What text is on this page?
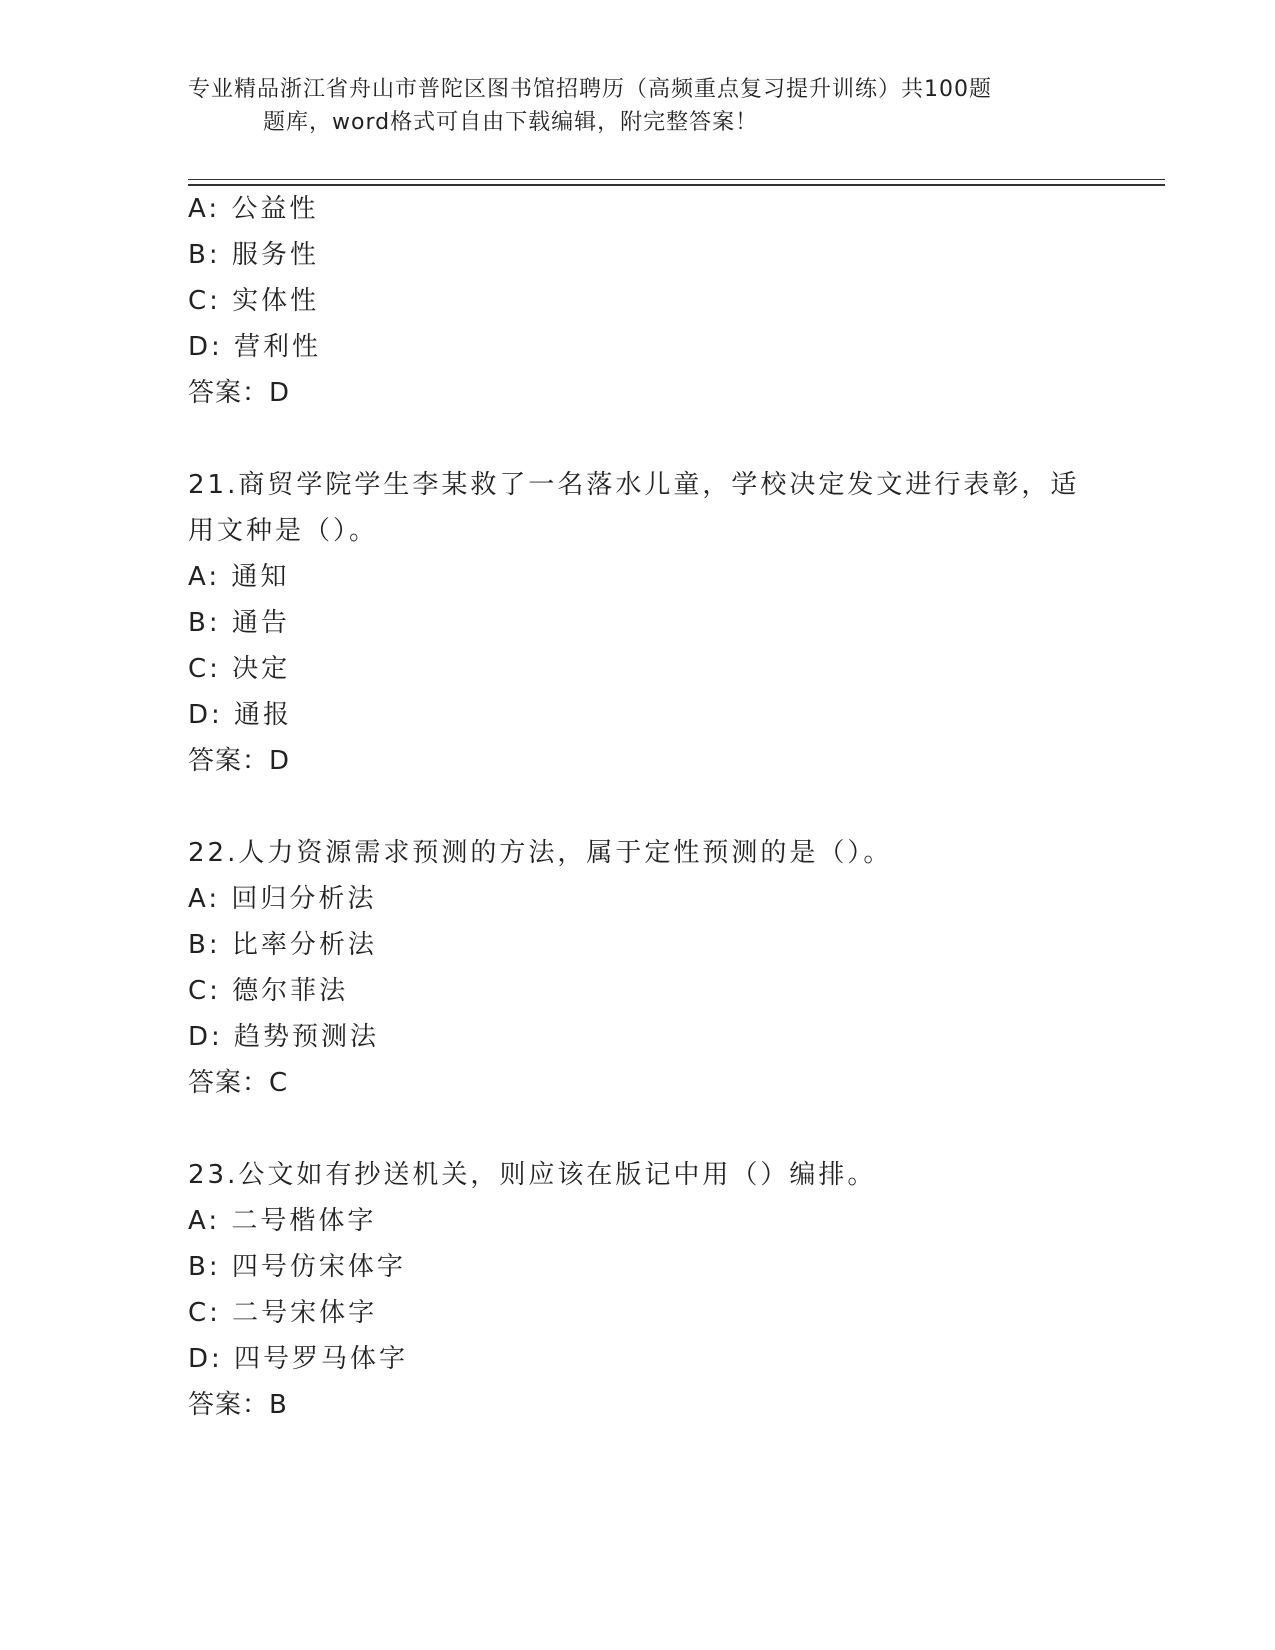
专业精品浙江省舟山市普陀区图书馆招聘历（高频重点复习提升训练）共100题
题库，word格式可自由下载编辑，附完整答案！
A: 公益性
B: 服务性
C: 实体性
D: 营利性
答案：D
21.商贸学院学生李某救了一名落水儿童，学校决定发文进行表彰，适
用文种是（）。
A: 通知
B: 通告
C: 决定
D: 通报
答案：D
22.人力资源需求预测的方法，属于定性预测的是（）。
A: 回归分析法
B: 比率分析法
C: 德尔菲法
D: 趋势预测法
答案：C
23.公文如有抄送机关，则应该在版记中用（）编排。
A: 二号楷体字
B: 四号仿宋体字
C: 二号宋体字
D: 四号罗马体字
答案：B
